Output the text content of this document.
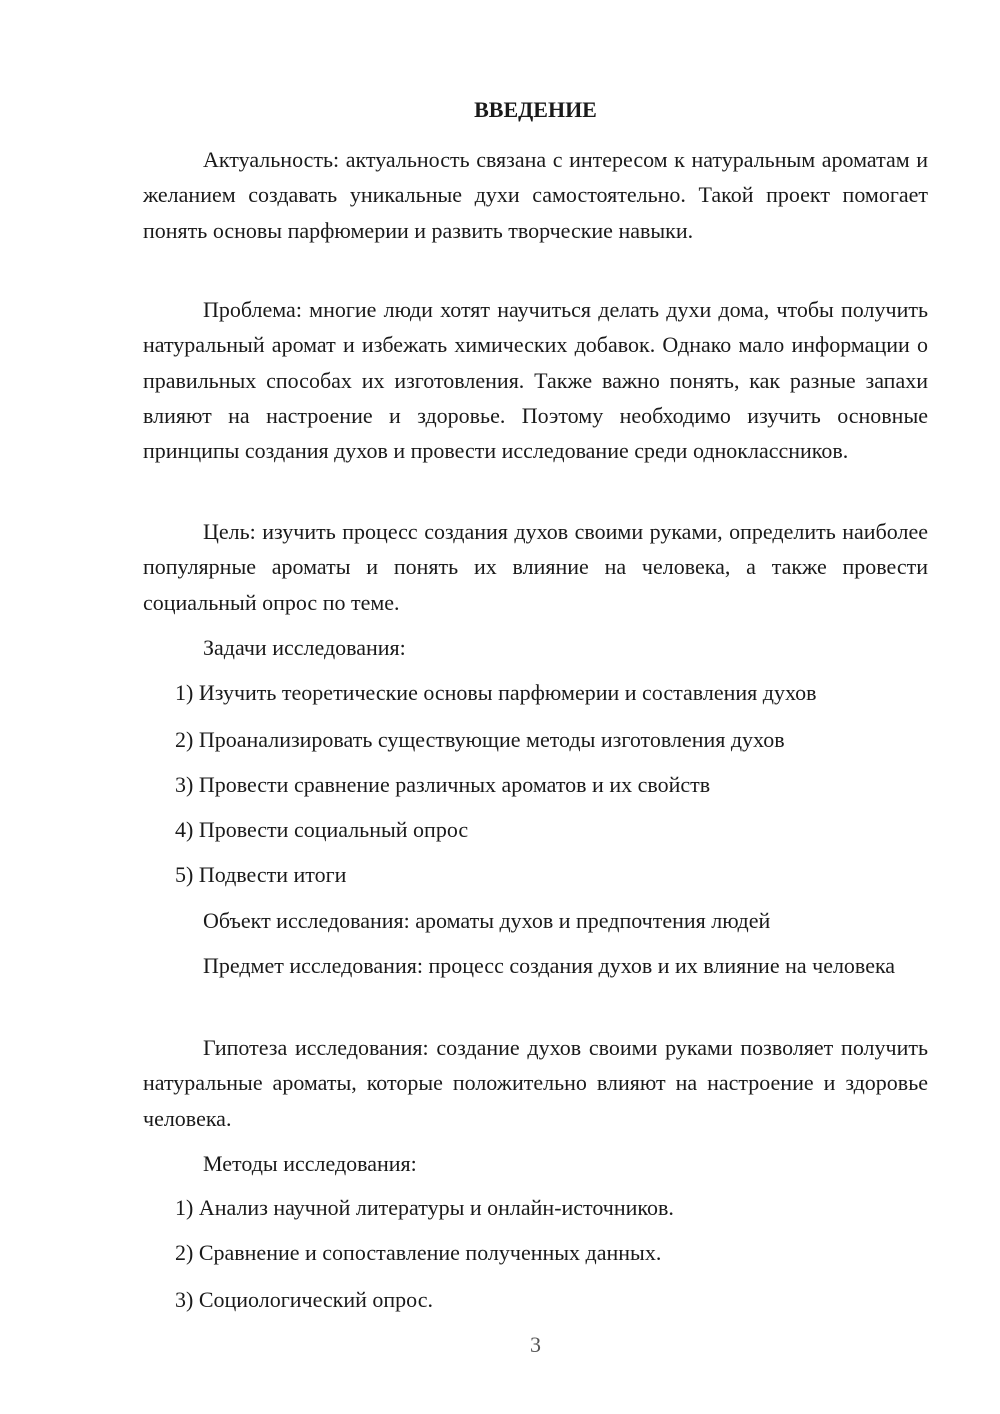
ВВЕДЕНИЕ

Актуальность: актуальность связана с интересом к натуральным ароматам и желанием создавать уникальные духи самостоятельно. Такой проект помогает понять основы парфюмерии и развить творческие навыки.

Проблема: многие люди хотят научиться делать духи дома, чтобы получить натуральный аромат и избежать химических добавок. Однако мало информации о правильных способах их изготовления. Также важно понять, как разные запахи влияют на настроение и здоровье. Поэтому необходимо изучить основные принципы создания духов и провести исследование среди одноклассников.

Цель: изучить процесс создания духов своими руками, определить наиболее популярные ароматы и понять их влияние на человека, а также провести социальный опрос по теме.

Задачи исследования:

1) Изучить теоретические основы парфюмерии и составления духов

2) Проанализировать существующие методы изготовления духов

3) Провести сравнение различных ароматов и их свойств

4) Провести социальный опрос

5) Подвести итоги

Объект исследования: ароматы духов и предпочтения людей

Предмет исследования: процесс создания духов и их влияние на человека

Гипотеза исследования: создание духов своими руками позволяет получить натуральные ароматы, которые положительно влияют на настроение и здоровье человека.

Методы исследования:

1) Анализ научной литературы и онлайн-источников.

2) Сравнение и сопоставление полученных данных.

3) Социологический опрос.

3
